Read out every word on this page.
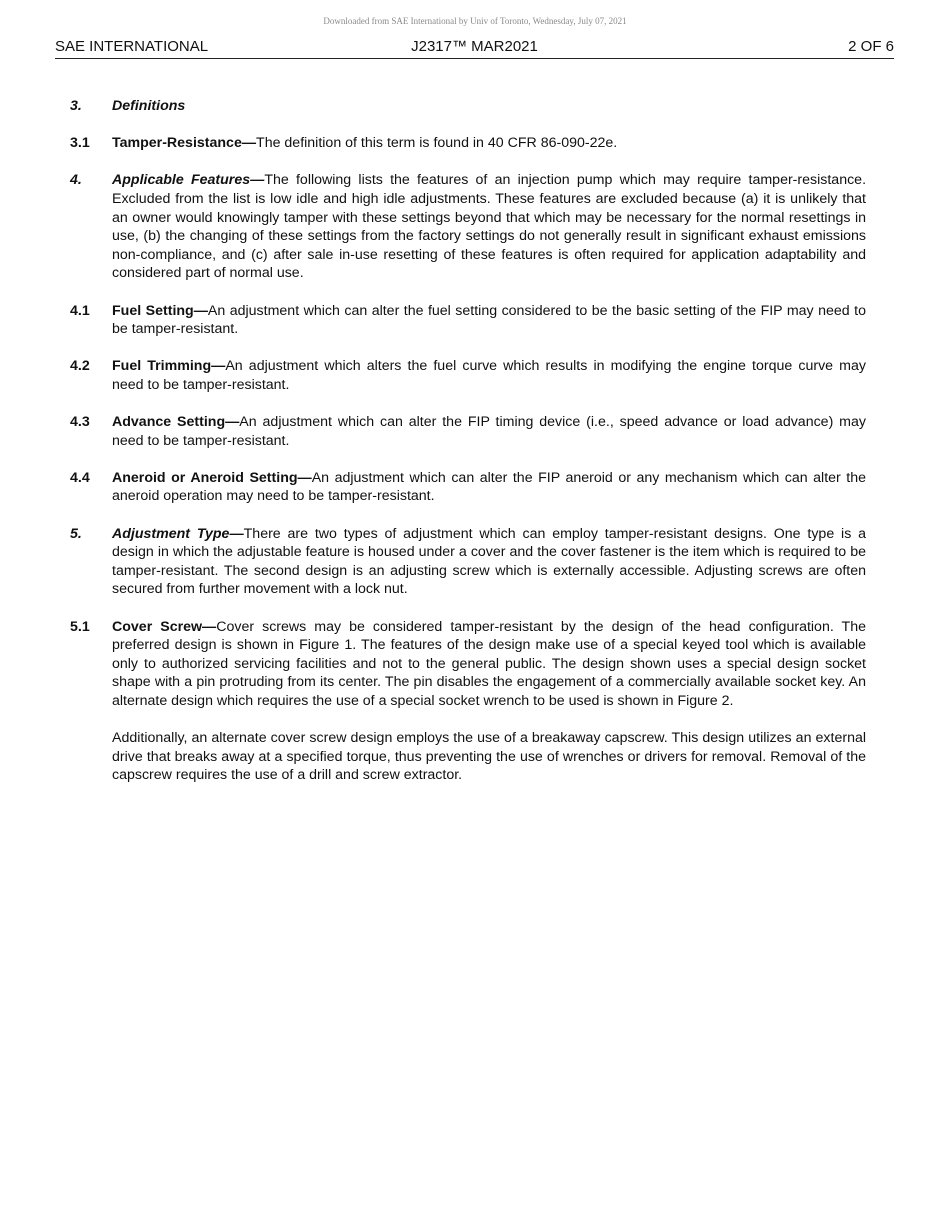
Downloaded from SAE International by Univ of Toronto, Wednesday, July 07, 2021
J2317™ MAR2021
SAE INTERNATIONAL	2 OF 6
3.	Definitions
3.1	Tamper-Resistance—The definition of this term is found in 40 CFR 86-090-22e.
4.	Applicable Features—The following lists the features of an injection pump which may require tamper-resistance. Excluded from the list is low idle and high idle adjustments. These features are excluded because (a) it is unlikely that an owner would knowingly tamper with these settings beyond that which may be necessary for the normal resettings in use, (b) the changing of these settings from the factory settings do not generally result in significant exhaust emissions non-compliance, and (c) after sale in-use resetting of these features is often required for application adaptability and considered part of normal use.
4.1	Fuel Setting—An adjustment which can alter the fuel setting considered to be the basic setting of the FIP may need to be tamper-resistant.
4.2	Fuel Trimming—An adjustment which alters the fuel curve which results in modifying the engine torque curve may need to be tamper-resistant.
4.3	Advance Setting—An adjustment which can alter the FIP timing device (i.e., speed advance or load advance) may need to be tamper-resistant.
4.4	Aneroid or Aneroid Setting—An adjustment which can alter the FIP aneroid or any mechanism which can alter the aneroid operation may need to be tamper-resistant.
5.	Adjustment Type—There are two types of adjustment which can employ tamper-resistant designs. One type is a design in which the adjustable feature is housed under a cover and the cover fastener is the item which is required to be tamper-resistant. The second design is an adjusting screw which is externally accessible. Adjusting screws are often secured from further movement with a lock nut.
5.1	Cover Screw—Cover screws may be considered tamper-resistant by the design of the head configuration. The preferred design is shown in Figure 1. The features of the design make use of a special keyed tool which is available only to authorized servicing facilities and not to the general public. The design shown uses a special design socket shape with a pin protruding from its center. The pin disables the engagement of a commercially available socket key. An alternate design which requires the use of a special socket wrench to be used is shown in Figure 2.
Additionally, an alternate cover screw design employs the use of a breakaway capscrew. This design utilizes an external drive that breaks away at a specified torque, thus preventing the use of wrenches or drivers for removal. Removal of the capscrew requires the use of a drill and screw extractor.
